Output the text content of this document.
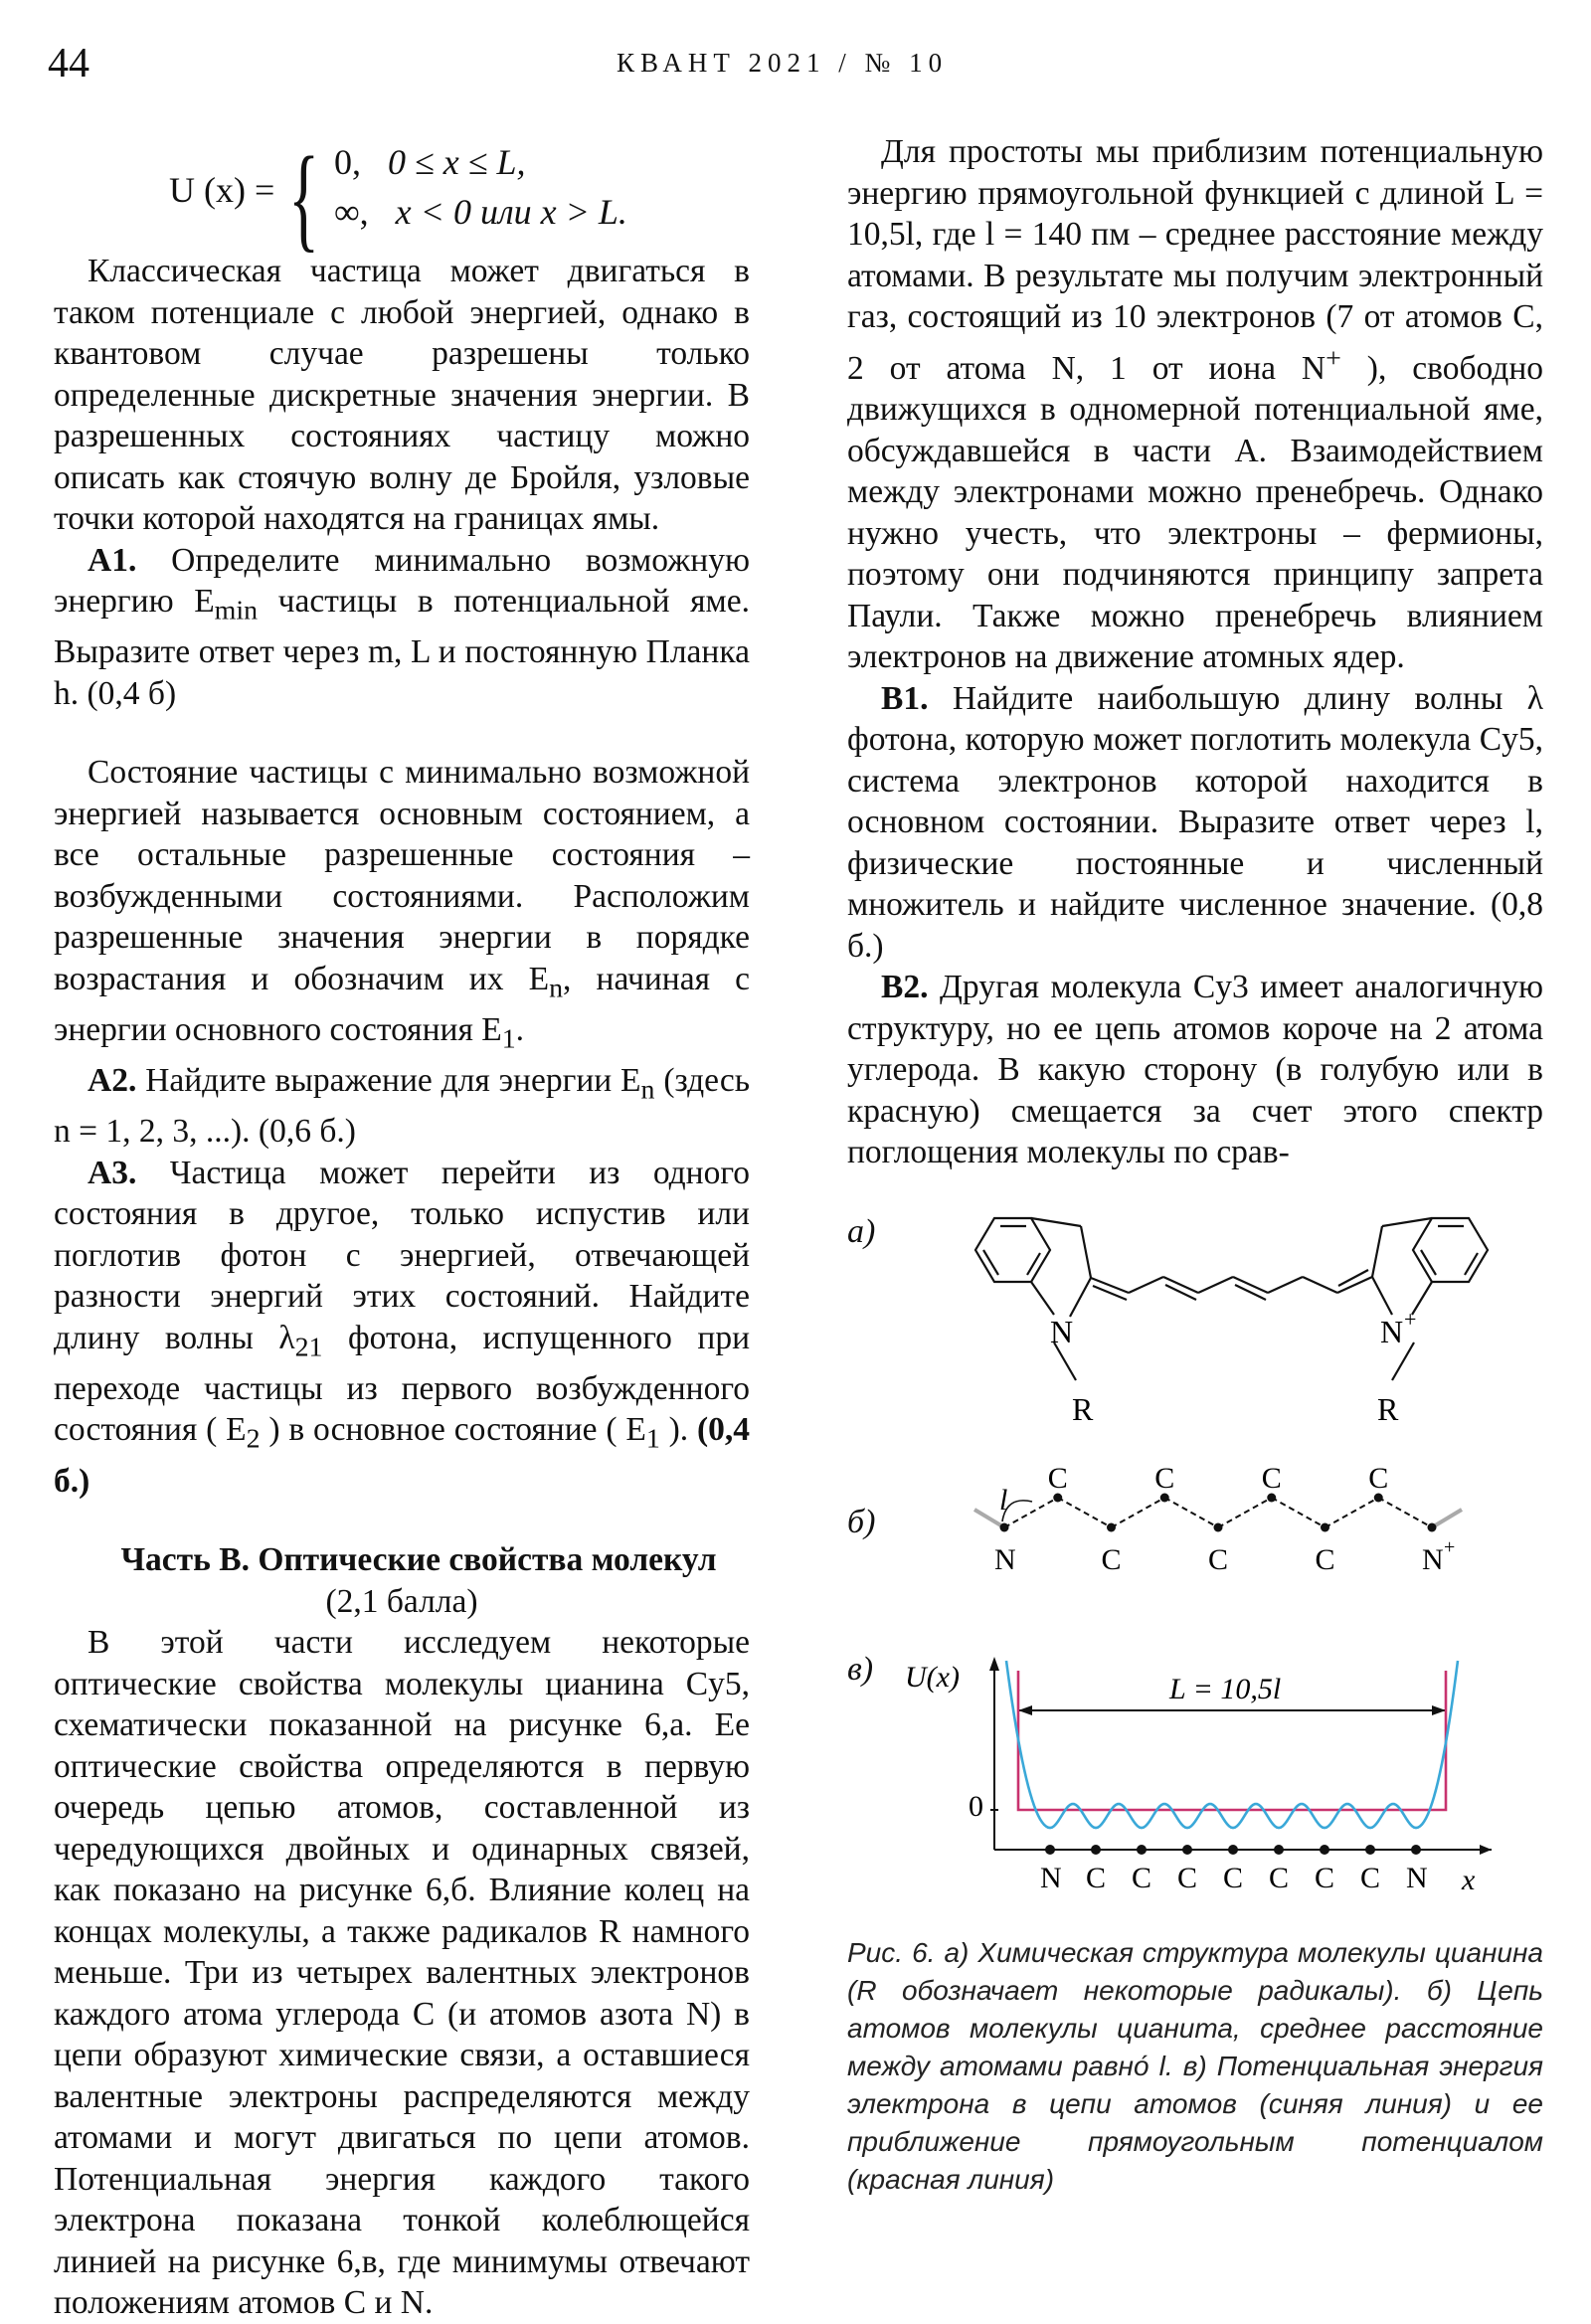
44	КВАНТ 2021 / № 10
U (x) = { 0, 0 ≤ x ≤ L,
∞, x < 0 или x > L.

Классическая частица может двигаться в таком потенциале с любой энергией, однако в квантовом случае разрешены только определенные дискретные значения энергии. В разрешенных состояниях частицу можно описать как стоячую волну де Бройля, узловые точки которой находятся на границах ямы.

А1. Определите минимально возможную энергию $E_{min}$ частицы в потенциальной яме. Выразите ответ через m, L и постоянную Планка h. (0,4 б)

Состояние частицы с минимально возможной энергией называется основным состоянием, а все остальные разрешенные состояния – возбужденными состояниями. Расположим разрешенные значения энергии в порядке возрастания и обозначим их $E_n$, начиная с энергии основного состояния $E_1$.

А2. Найдите выражение для энергии $E_n$ (здесь n = 1, 2, 3, ...). (0,6 б.)

А3. Частица может перейти из одного состояния в другое, только испустив или поглотив фотон с энергией, отвечающей разности энергий этих состояний. Найдите длину волны $\lambda_{21}$ фотона, испущенного при переходе частицы из первого возбужденного состояния ( $E_2$ ) в основное состояние ( $E_1$ ). (0,4 б.)

Часть В. Оптические свойства молекул

(2,1 балла)

В этой части исследуем некоторые оптические свойства молекулы цианина Cy5, схематически показанной на рисунке 6,а. Ее оптические свойства определяются в первую очередь цепью атомов, составленной из чередующихся двойных и одинарных связей, как показано на рисунке 6,б. Влияние колец на концах молекулы, а также радикалов R намного меньше. Три из четырех валентных электронов каждого атома углерода С (и атомов азота N) в цепи образуют химические связи, а оставшиеся валентные электроны распределяются между атомами и могут двигаться по цепи атомов. Потенциальная энергия каждого такого электрона показана тонкой колеблющейся линией на рисунке 6,в, где минимумы отвечают положениям атомов С и N.

Для простоты мы приблизим потенциальную энергию прямоугольной функцией с длиной L = 10,5l, где l = 140 пм – среднее расстояние между атомами. В результате мы получим электронный газ, состоящий из 10 электронов (7 от атомов С, 2 от атома N, 1 от иона N+ ), свободно движущихся в одномерной потенциальной яме, обсуждавшейся в части А. Взаимодействием между электронами можно пренебречь. Однако нужно учесть, что электроны – фермионы, поэтому они подчиняются принципу запрета Паули. Также можно пренебречь влиянием электронов на движение атомных ядер.

В1. Найдите наибольшую длину волны λ фотона, которую может поглотить молекула Cy5, система электронов которой находится в основном состоянии. Выразите ответ через l, физические постоянные и численный множитель и найдите численное значение. (0,8 б.)

В2. Другая молекула Cy3 имеет аналогичную структуру, но ее цепь атомов короче на 2 атома углерода. В какую сторону (в голубую или в красную) смещается за счет этого спектр поглощения молекулы по срав-

а)
б)
в)
N	N +
R	R
l
C	C	C	C
N	C	C	C	N +
U(x)
x
0
L = 10,5l
N C C C C C C C N
Рис. 6. а) Химическая структура молекулы цианина (R обозначает некоторые радикалы). б) Цепь атомов молекулы цианита, среднее расстояние между атомами равно́ l. в) Потенциальная энергия электрона в цепи атомов (синяя линия) и ее приближение прямоугольным потенциалом (красная линия)
